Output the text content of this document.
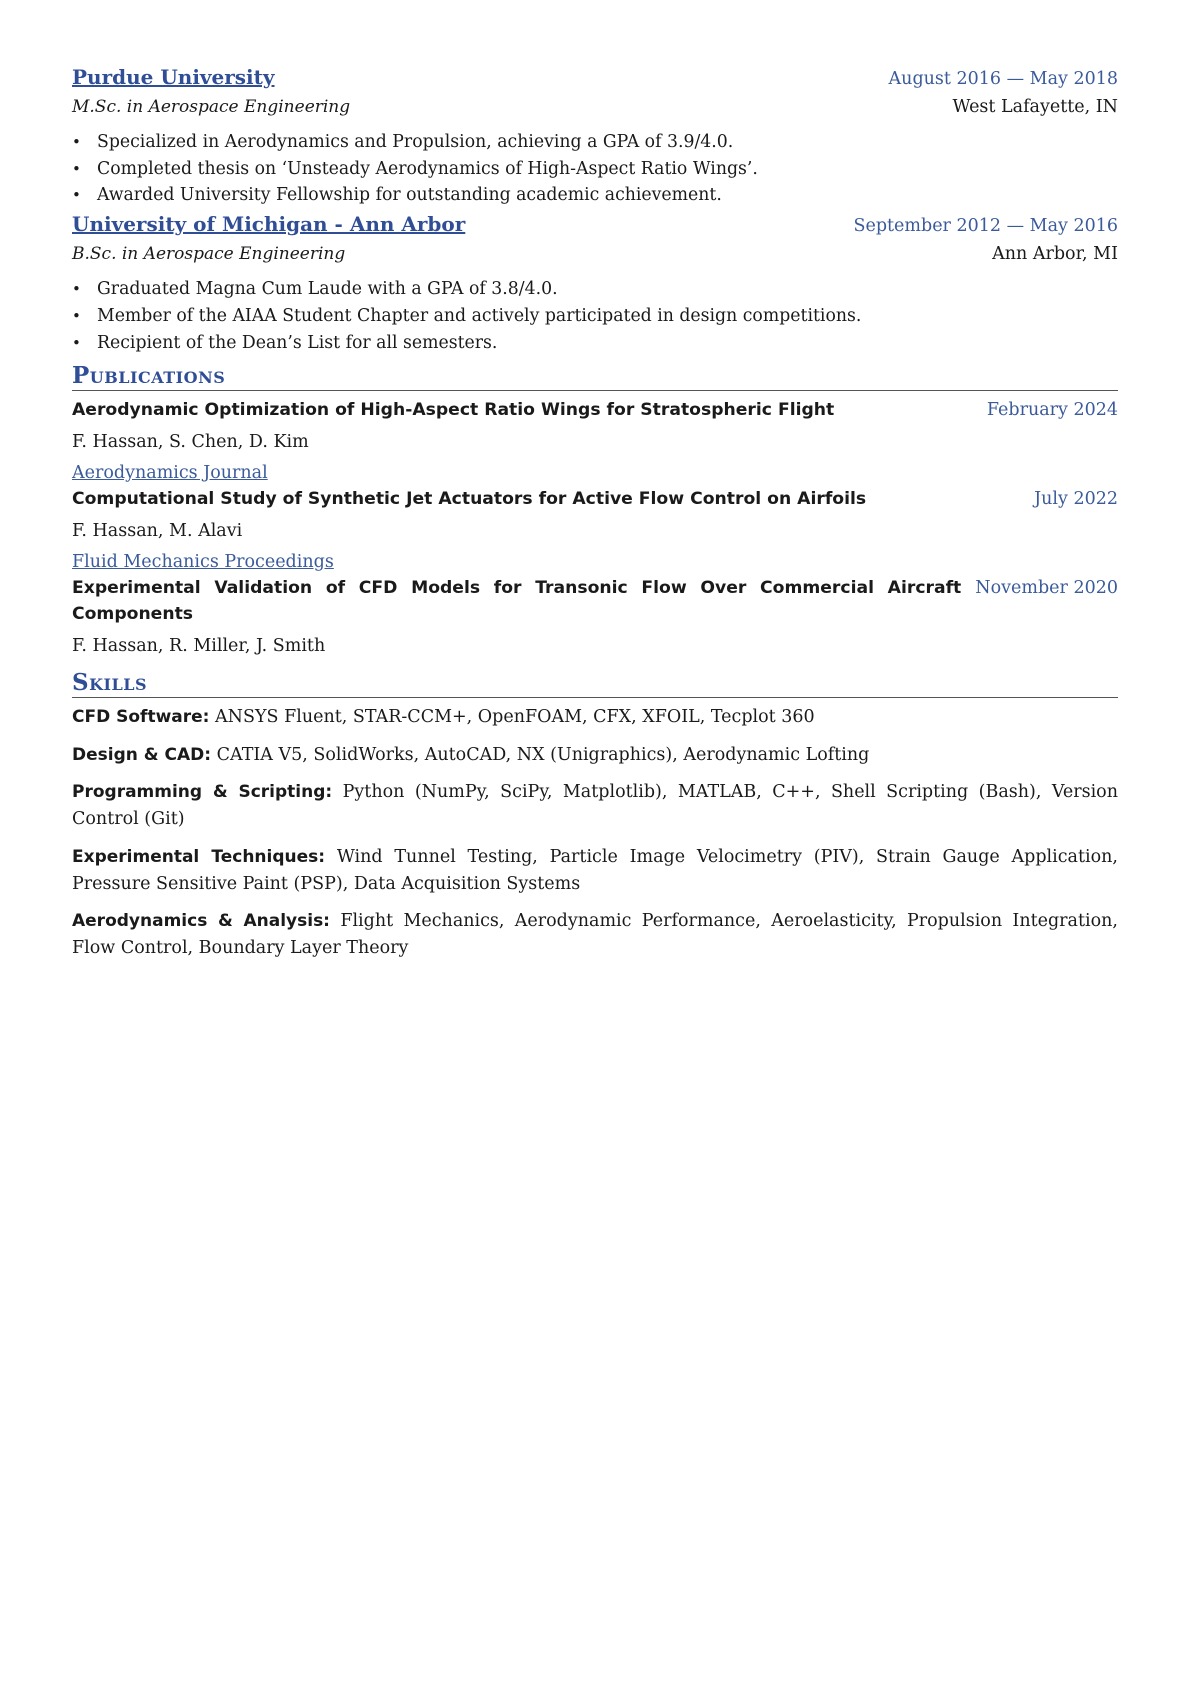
Purdue University	August 2016 — May 2018
M.Sc. in Aerospace Engineering	West Lafayette, IN
• Specialized in Aerodynamics and Propulsion, achieving a GPA of 3.9/4.0.
• Completed thesis on ‘Unsteady Aerodynamics of High-Aspect Ratio Wings’.
• Awarded University Fellowship for outstanding academic achievement.
University of Michigan - Ann Arbor	September 2012 — May 2016
B.Sc. in Aerospace Engineering	Ann Arbor, MI
• Graduated Magna Cum Laude with a GPA of 3.8/4.0.
• Member of the AIAA Student Chapter and actively participated in design competitions.
• Recipient of the Dean’s List for all semesters.
Publications
Aerodynamic Optimization of High-Aspect Ratio Wings for Stratospheric Flight	February 2024
F. Hassan, S. Chen, D. Kim
Aerodynamics Journal
Computational Study of Synthetic Jet Actuators for Active Flow Control on Airfoils	July 2022
F. Hassan, M. Alavi
Fluid Mechanics Proceedings
Experimental Validation of CFD Models for Transonic Flow Over Commercial Aircraft Components
November 2020
F. Hassan, R. Miller, J. Smith
Skills
CFD Software: ANSYS Fluent, STAR-CCM+, OpenFOAM, CFX, XFOIL, Tecplot 360
Design & CAD: CATIA V5, SolidWorks, AutoCAD, NX (Unigraphics), Aerodynamic Lofting
Programming & Scripting: Python (NumPy, SciPy, Matplotlib), MATLAB, C++, Shell Scripting (Bash), Version Control (Git)
Experimental Techniques: Wind Tunnel Testing, Particle Image Velocimetry (PIV), Strain Gauge Application, Pressure Sensitive Paint (PSP), Data Acquisition Systems
Aerodynamics & Analysis: Flight Mechanics, Aerodynamic Performance, Aeroelasticity, Propulsion Integration, Flow Control, Boundary Layer Theory
